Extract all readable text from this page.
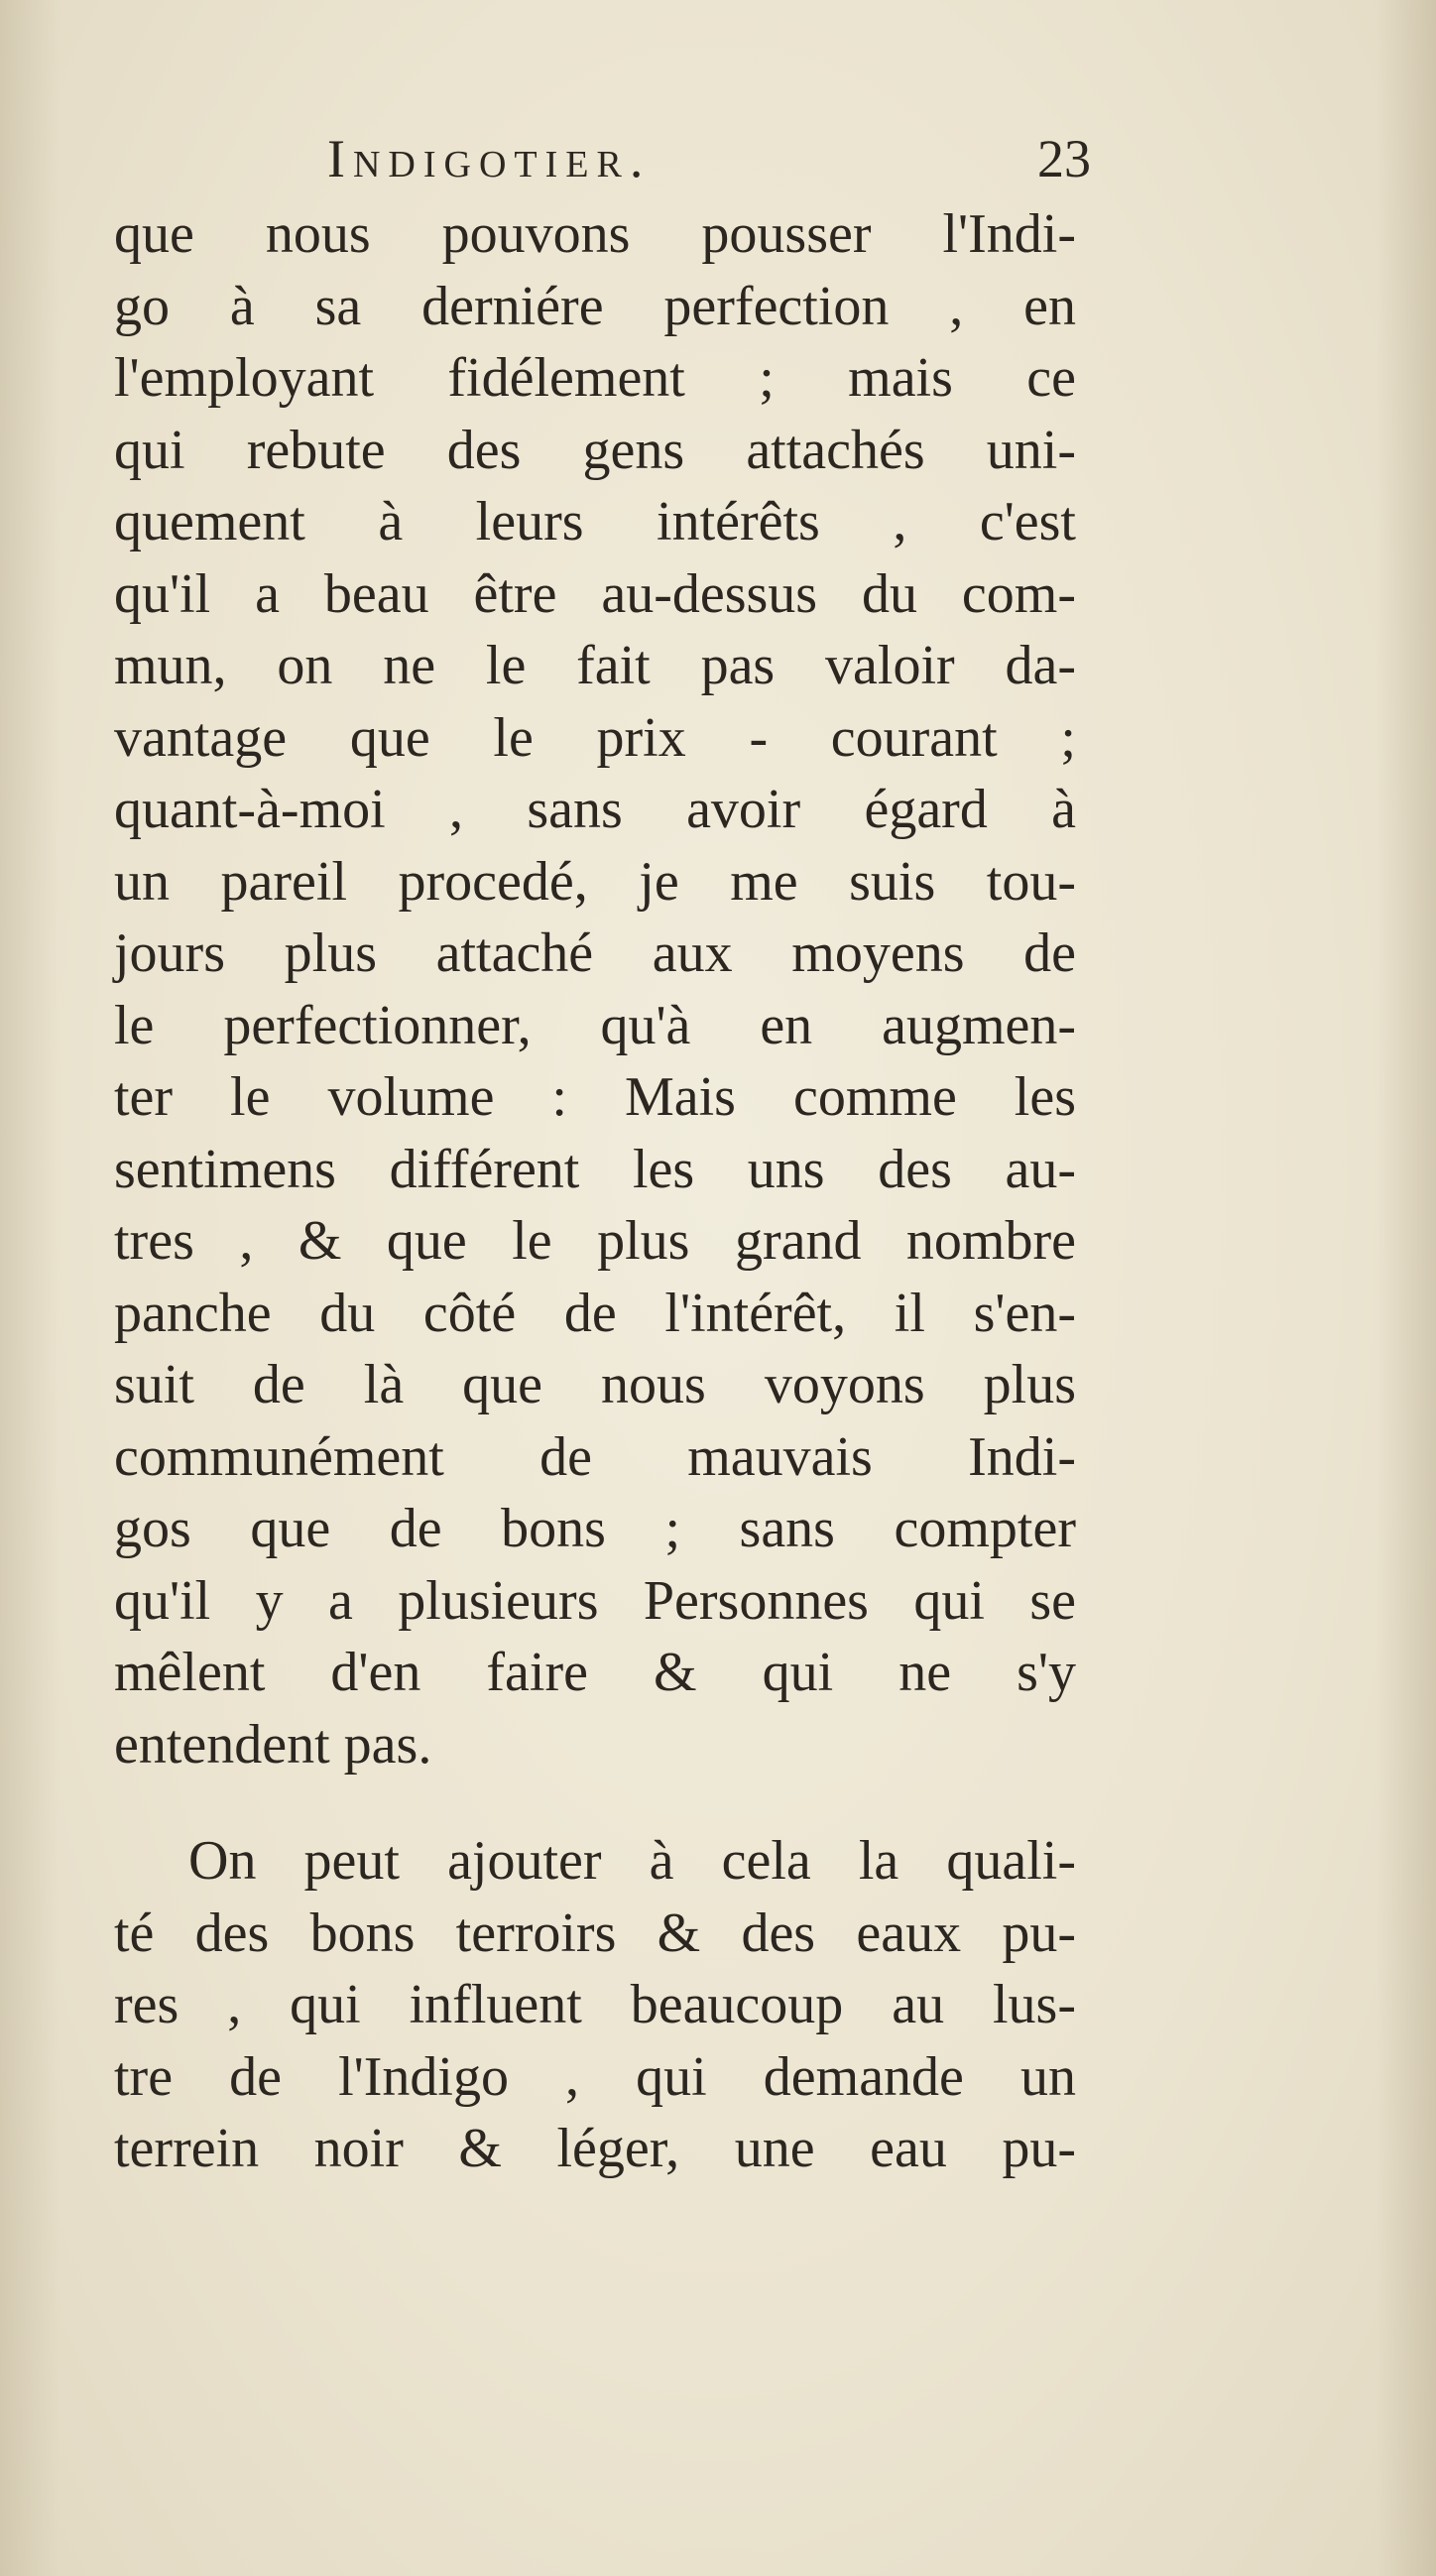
Indigotier.	23
que nous pouvons pousser l'Indi-
go à sa derniére perfection , en
l'employant fidélement ; mais ce
qui rebute des gens attachés uni-
quement à leurs intérêts , c'est
qu'il a beau être au-dessus du com-
mun, on ne le fait pas valoir da-
vantage que le prix - courant ;
quant-à-moi , sans avoir égard à
un pareil procedé, je me suis tou-
jours plus attaché aux moyens de
le perfectionner, qu'à en augmen-
ter le volume : Mais comme les
sentimens différent les uns des au-
tres , & que le plus grand nombre
panche du côté de l'intérêt, il s'en-
suit de là que nous voyons plus
communément de mauvais Indi-
gos que de bons ; sans compter
qu'il y a plusieurs Personnes qui se
mêlent d'en faire & qui ne s'y
entendent pas.
On peut ajouter à cela la quali-
té des bons terroirs & des eaux pu-
res , qui influent beaucoup au lus-
tre de l'Indigo , qui demande un
terrein noir & léger, une eau pu-
